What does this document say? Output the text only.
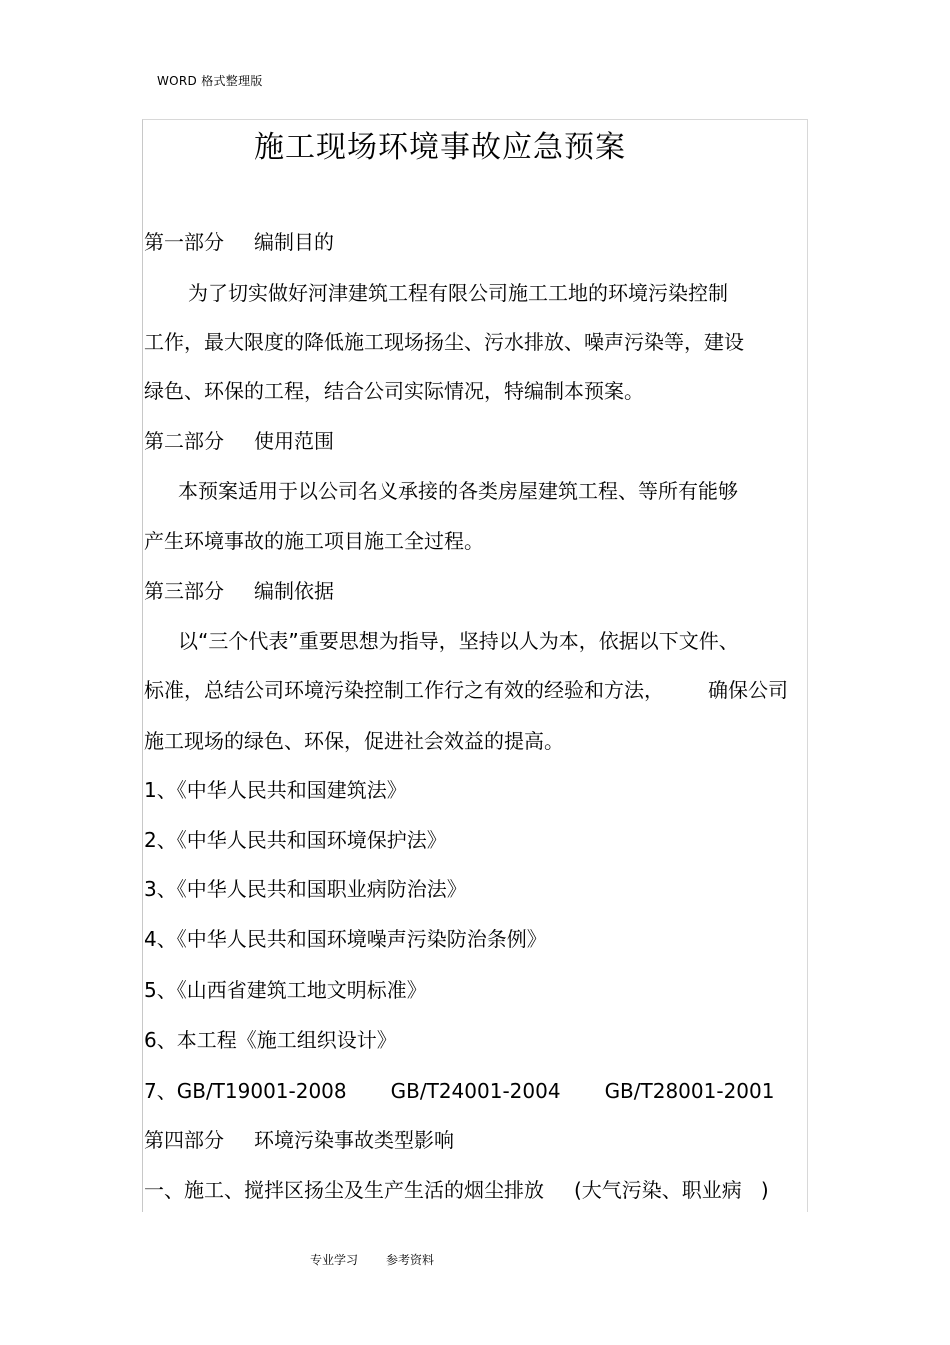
WORD 格式整理版
施工现场环境事故应急预案
第一部分 编制目的
为了切实做好河津建筑工程有限公司施工工地的环境污染控制
工作，最大限度的降低施工现场扬尘、污水排放、噪声污染等，建设
绿色、环保的工程，结合公司实际情况，特编制本预案。
第二部分 使用范围
本预案适用于以公司名义承接的各类房屋建筑工程、等所有能够
产生环境事故的施工项目施工全过程。
第三部分 编制依据
以“三个代表”重要思想为指导，坚持以人为本，依据以下文件、
标准，总结公司环境污染控制工作行之有效的经验和方法， 确保公司
施工现场的绿色、环保，促进社会效益的提高。
1、《中华人民共和国建筑法》
2、《中华人民共和国环境保护法》
3、《中华人民共和国职业病防治法》
4、《中华人民共和国环境噪声污染防治条例》
5、《山西省建筑工地文明标准》
6、本工程《施工组织设计》
7、GB/T19001-2008 GB/T24001-2004 GB/T28001-2001
第四部分 环境污染事故类型影响
一、施工、搅拌区扬尘及生产生活的烟尘排放 (大气污染、职业病   )
专业学习 参考资料
